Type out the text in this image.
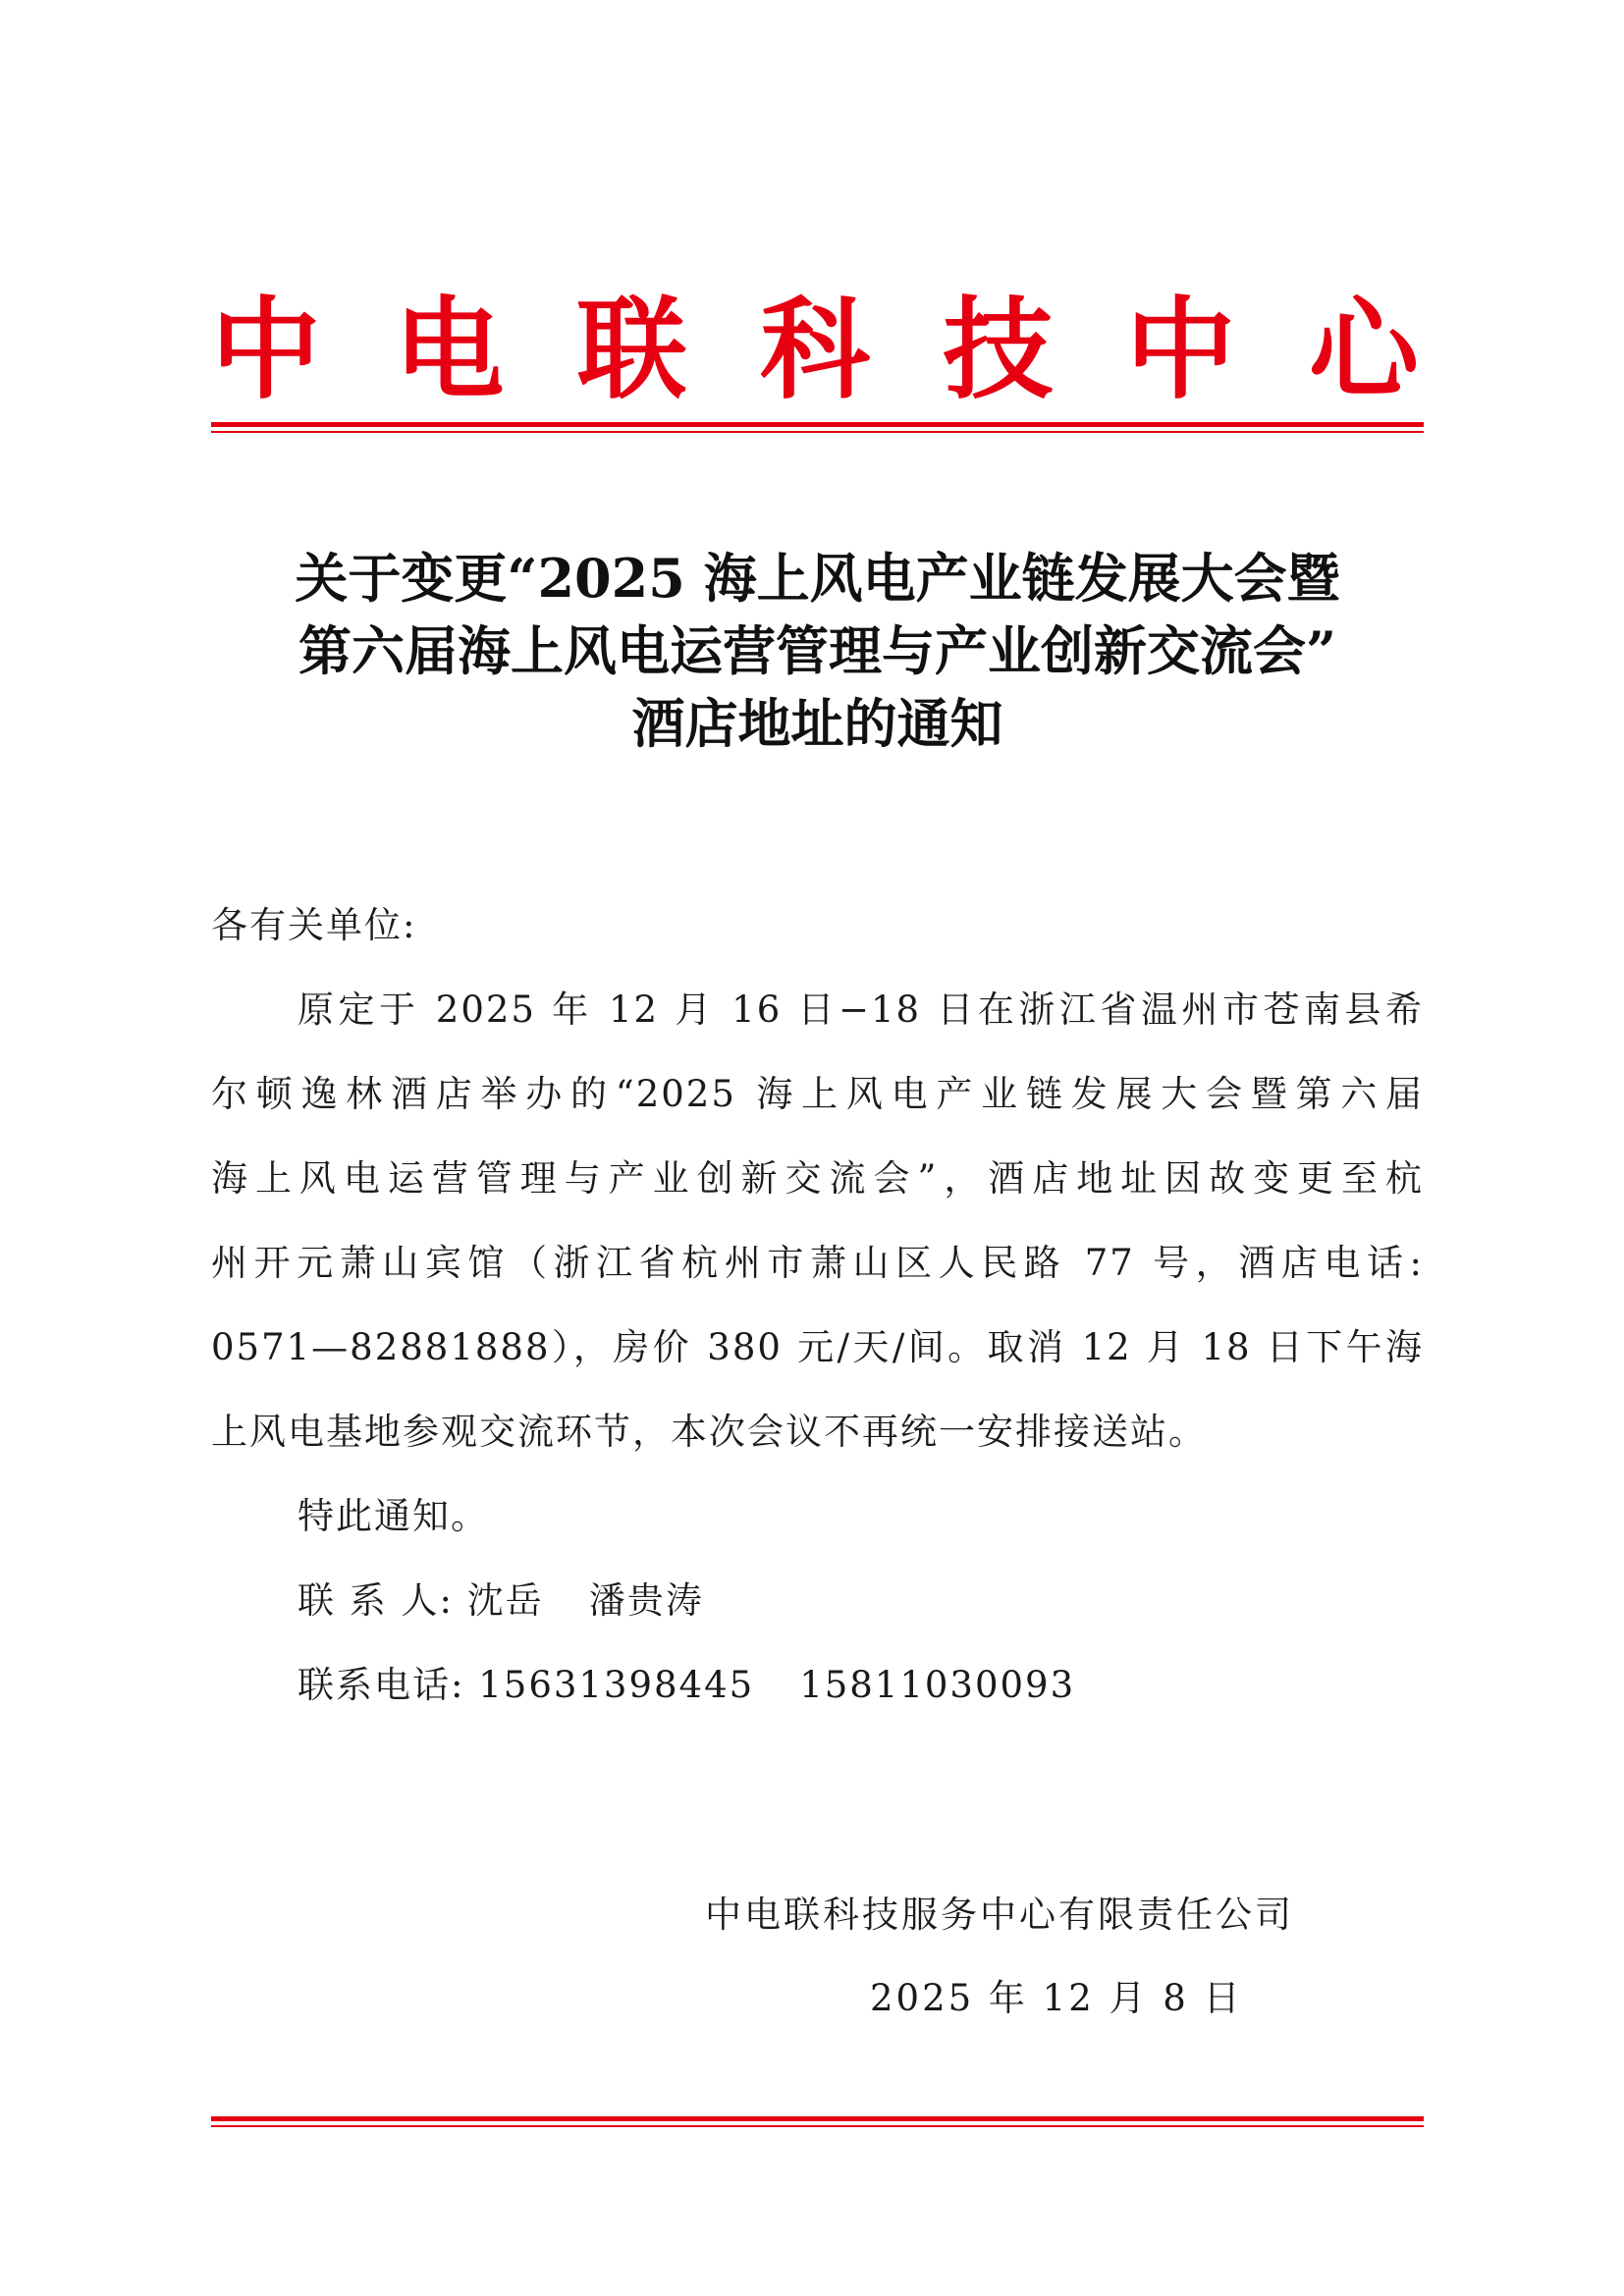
中 电 联 科 技 中 心
关于变更“2025 海上风电产业链发展大会暨
第六届海上风电运营管理与产业创新交流会”
酒店地址的通知
各有关单位:
原定于 2025 年 12 月 16 日−18 日在浙江省温州市苍南县希
尔顿逸林酒店举办的“2025 海上风电产业链发展大会暨第六届
海上风电运营管理与产业创新交流会”，酒店地址因故变更至杭
州开元萧山宾馆（浙江省杭州市萧山区人民路 77 号，酒店电话:
0571—82881888），房价 380 元/天/间。取消 12 月 18 日下午海
上风电基地参观交流环节，本次会议不再统一安排接送站。
特此通知。
联 系 人: 沈岳 潘贵涛
联系电话: 15631398445 15811030093
中电联科技服务中心有限责任公司
2025 年 12 月 8 日
